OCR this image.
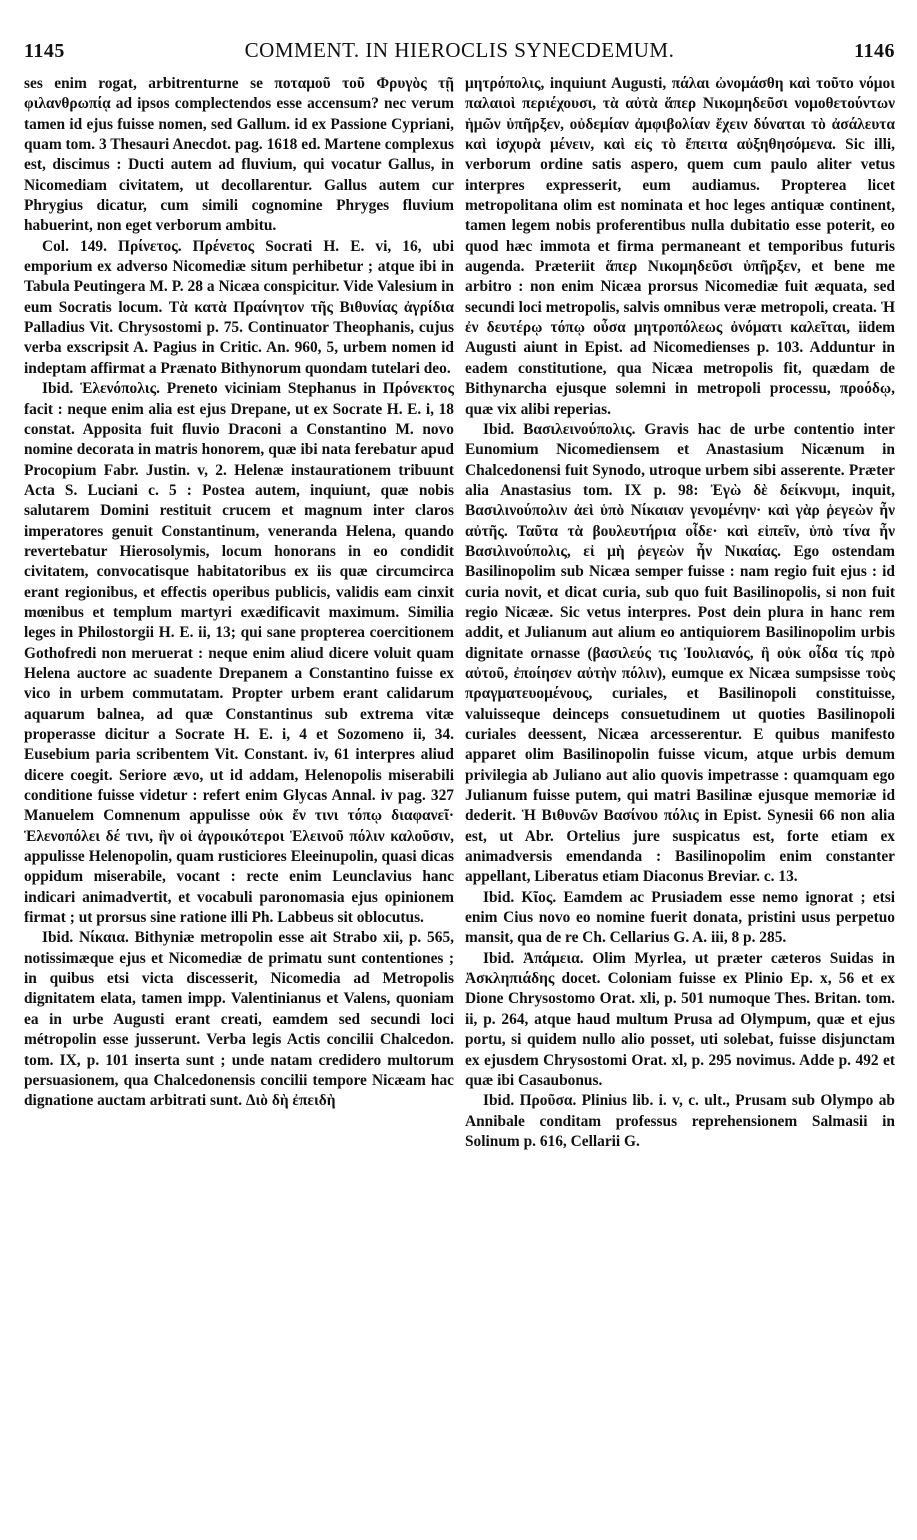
1145	COMMENT. IN HIEROCLIS SYNECDEMUM.	1146

ses enim rogat, arbitrenturne se ποταμοῦ τοῦ Φρυγὸς τῇ φιλανθρωπίᾳ ad ipsos complectendos esse accensum? nec verum tamen id ejus fuisse nomen, sed Gallum. id ex Passione Cypriani, quam tom. 3 Thesauri Anecdot. pag. 1618 ed. Martene complexus est, discimus : Ducti autem ad fluvium, qui vocatur Gallus, in Nicomediam civitatem, ut decollarentur. Gallus autem cur Phrygius dicatur, cum simili cognomine Phryges fluvium habuerint, non eget verborum ambitu.

Col. 149. Πρίνετος. Πρένετος Socrati H. E. vi, 16, ubi emporium ex adverso Nicomediæ situm perhibetur ; atque ibi in Tabula Peutingera M. P. 28 a Nicæa conspicitur. Vide Valesium in eum Socratis locum. Τὰ κατὰ Πραίνητον τῆς Βιθυνίας ἀγρίδια Palladius Vit. Chrysostomi p. 75. Continuator Theophanis, cujus verba exscripsit A. Pagius in Critic. An. 960, 5, urbem nomen id indeptam affirmat a Prænato Bithynorum quondam tutelari deo.

Ibid. Ἑλενόπολις. Preneto viciniam Stephanus in Πρόνεκτος facit : neque enim alia est ejus Drepane, ut ex Socrate H. E. i, 18 constat. Apposita fuit fluvio Draconi a Constantino M. novo nomine decorata in matris honorem, quæ ibi nata ferebatur apud Procopium Fabr. Justin. v, 2. Helenæ instaurationem tribuunt Acta S. Luciani c. 5 : Postea autem, inquiunt, quæ nobis salutarem Domini restituit crucem et magnum inter claros imperatores genuit Constantinum, veneranda Helena, quando revertebatur Hierosolymis, locum honorans in eo condidit civitatem, convocatisque habitatoribus ex iis quæ circumcirca erant regionibus, et effectis operibus publicis, validis eam cinxit mœnibus et templum martyri exædificavit maximum. Similia leges in Philostorgii H. E. ii, 13; qui sane propterea coercitionem Gothofredi non meruerat : neque enim aliud dicere voluit quam Helena auctore ac suadente Drepanem a Constantino fuisse ex vico in urbem commutatam. Propter urbem erant calidarum aquarum balnea, ad quæ Constantinus sub extrema vitæ properasse dicitur a Socrate H. E. i, 4 et Sozomeno ii, 34. Eusebium paria scribentem Vit. Constant. iv, 61 interpres aliud dicere coegit. Seriore ævo, ut id addam, Helenopolis miserabili conditione fuisse videtur : refert enim Glycas Annal. iv pag. 327 Manuelem Comnenum appulisse οὐκ ἔν τινι τόπῳ διαφανεῖ· Ἑλενοπόλει δέ τινι, ἣν οἱ ἀγροικότεροι Ἑλεινοῦ πόλιν καλοῦσιν, appulisse Helenopolin, quam rusticiores Eleeinupolin, quasi dicas oppidum miserabile, vocant : recte enim Leunclavius hanc indicari animadvertit, et vocabuli paronomasia ejus opinionem firmat ; ut prorsus sine ratione illi Ph. Labbeus sit oblocutus.

Ibid. Νίκαια. Bithyniæ metropolin esse ait Strabo xii, p. 565, notissimæque ejus et Nicomediæ de primatu sunt contentiones ; in quibus etsi victa discesserit, Nicomedia ad Metropolis dignitatem elata, tamen impp. Valentinianus et Valens, quoniam ea in urbe Augusti erant creati, eamdem sed secundi loci métropolin esse jusserunt. Verba legis Actis concilii Chalcedon. tom. IX, p. 101 inserta sunt ; unde natam credidero multorum persuasionem, qua Chalcedonensis concilii tempore Nicæam hac dignatione auctam arbitrati sunt. Διὸ δὴ ἐπειδὴ

μητρόπολις, inquiunt Augusti, πάλαι ὠνομάσθη καὶ τοῦτο νόμοι παλαιοὶ περιέχουσι, τὰ αὐτὰ ἅπερ Νικομηδεῦσι νομοθετούντων ἡμῶν ὑπῆρξεν, οὐδεμίαν ἀμφιβολίαν ἔχειν δύναται τὸ ἀσάλευτα καὶ ἰσχυρὰ μένειν, καὶ εἰς τὸ ἔπειτα αὐξηθησόμενα. Sic illi, verborum ordine satis aspero, quem cum paulo aliter vetus interpres expresserit, eum audiamus. Propterea licet metropolitana olim est nominata et hoc leges antiquæ continent, tamen legem nobis proferentibus nulla dubitatio esse poterit, eo quod hæc immota et firma permaneant et temporibus futuris augenda. Præteriit ἅπερ Νικομηδεῦσι ὑπῆρξεν, et bene me arbitro : non enim Nicæa prorsus Nicomediæ fuit æquata, sed secundi loci metropolis, salvis omnibus veræ metropoli, creata. Ἡ ἐν δευτέρῳ τόπῳ οὖσα μητροπόλεως ὀνόματι καλεῖται, iidem Augusti aiunt in Epist. ad Nicomedienses p. 103. Adduntur in eadem constitutione, qua Nicæa metropolis fit, quædam de Bithynarcha ejusque solemni in metropoli processu, προόδῳ, quæ vix alibi reperias.

Ibid. Βασιλεινούπολις. Gravis hac de urbe contentio inter Eunomium Nicomediensem et Anastasium Nicænum in Chalcedonensi fuit Synodo, utroque urbem sibi asserente. Præter alia Anastasius tom. IX p. 98: Ἐγὼ δὲ δείκνυμι, inquit, Βασιλινούπολιν ἀεὶ ὑπὸ Νίκαιαν γενομένην· καὶ γὰρ ῥεγεὼν ἦν αὐτῆς. Ταῦτα τὰ βουλευτήρια οἶδε· καὶ εἰπεῖν, ὑπὸ τίνα ἦν Βασιλινούπολις, εἰ μὴ ῥεγεὼν ἦν Νικαίας. Ego ostendam Basilinopolim sub Nicæa semper fuisse : nam regio fuit ejus : id curia novit, et dicat curia, sub quo fuit Basilinopolis, si non fuit regio Nicææ. Sic vetus interpres. Post dein plura in hanc rem addit, et Julianum aut alium eo antiquiorem Basilinopolim urbis dignitate ornasse (βασιλεύς τις Ἰουλιανός, ἢ οὐκ οἶδα τίς πρὸ αὐτοῦ, ἐποίησεν αὐτὴν πόλιν), eumque ex Nicæa sumpsisse τοὺς πραγματευομένους, curiales, et Basilinopoli constituisse, valuisseque deinceps consuetudinem ut quoties Basilinopoli curiales deessent, Nicæa arcesserentur. E quibus manifesto apparet olim Basilinopolin fuisse vicum, atque urbis demum privilegia ab Juliano aut alio quovis impetrasse : quamquam ego Julianum fuisse putem, qui matri Basilinæ ejusque memoriæ id dederit. Ἡ Βιθυνῶν Βασίνου πόλις in Epist. Synesii 66 non alia est, ut Abr. Ortelius jure suspicatus est, forte etiam ex animadversis emendanda : Basilinopolim enim constanter appellant, Liberatus etiam Diaconus Breviar. c. 13.

Ibid. Κῖος. Eamdem ac Prusiadem esse nemo ignorat ; etsi enim Cius novo eo nomine fuerit donata, pristini usus perpetuo mansit, qua de re Ch. Cellarius G. A. iii, 8 p. 285.

Ibid. Ἀπάμεια. Olim Myrlea, ut præter cæteros Suidas in Ἀσκληπιάδης docet. Coloniam fuisse ex Plinio Ep. x, 56 et ex Dione Chrysostomo Orat. xli, p. 501 numoque Thes. Britan. tom. ii, p. 264, atque haud multum Prusa ad Olympum, quæ et ejus portu, si quidem nullo alio posset, uti solebat, fuisse disjunctam ex ejusdem Chrysostomi Orat. xl, p. 295 novimus. Adde p. 492 et quæ ibi Casaubonus.

Ibid. Προῦσα. Plinius lib. i. v, c. ult., Prusam sub Olympo ab Annibale conditam professus reprehensionem Salmasii in Solinum p. 616, Cellarii G.
